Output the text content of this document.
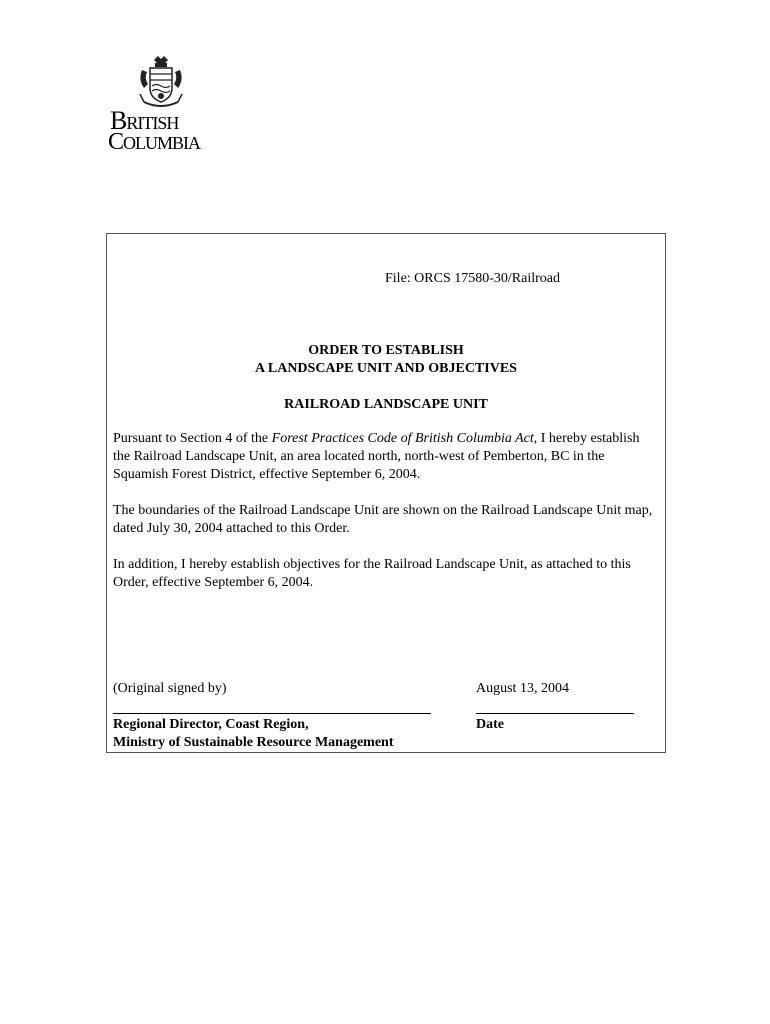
BRITISH
COLUMBIA
File: ORCS 17580-30/Railroad
ORDER TO ESTABLISH
A LANDSCAPE UNIT AND OBJECTIVES
RAILROAD LANDSCAPE UNIT
Pursuant to Section 4 of the Forest Practices Code of British Columbia Act, I hereby establish the Railroad Landscape Unit, an area located north, north-west of Pemberton, BC in the Squamish Forest District, effective September 6, 2004.
The boundaries of the Railroad Landscape Unit are shown on the Railroad Landscape Unit map, dated July 30, 2004 attached to this Order.
In addition, I hereby establish objectives for the Railroad Landscape Unit, as attached to this Order, effective September 6, 2004.
(Original signed by)	August 13, 2004
Regional Director, Coast Region,
Ministry of Sustainable Resource Management
Date
